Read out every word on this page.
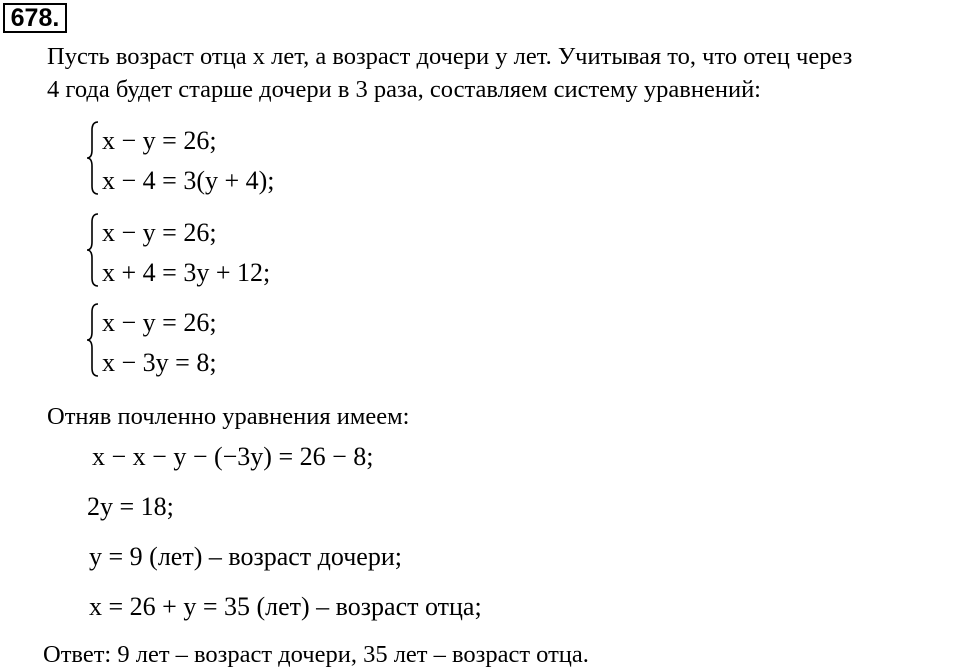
678.
Пусть возраст отца x лет, а возраст дочери y лет. Учитывая то, что отец через
4 года будет старше дочери в 3 раза, составляем систему уравнений:
x − y = 26;
x − 4 = 3(y + 4);
x − y = 26;
x + 4 = 3y + 12;
x − y = 26;
x − 3y = 8;
Отняв почленно уравнения имеем:
x − x − y − (−3y) = 26 − 8;
2y = 18;
y = 9 (лет) – возраст дочери;
x = 26 + y = 35 (лет) – возраст отца;
Ответ: 9 лет – возраст дочери, 35 лет – возраст отца.
